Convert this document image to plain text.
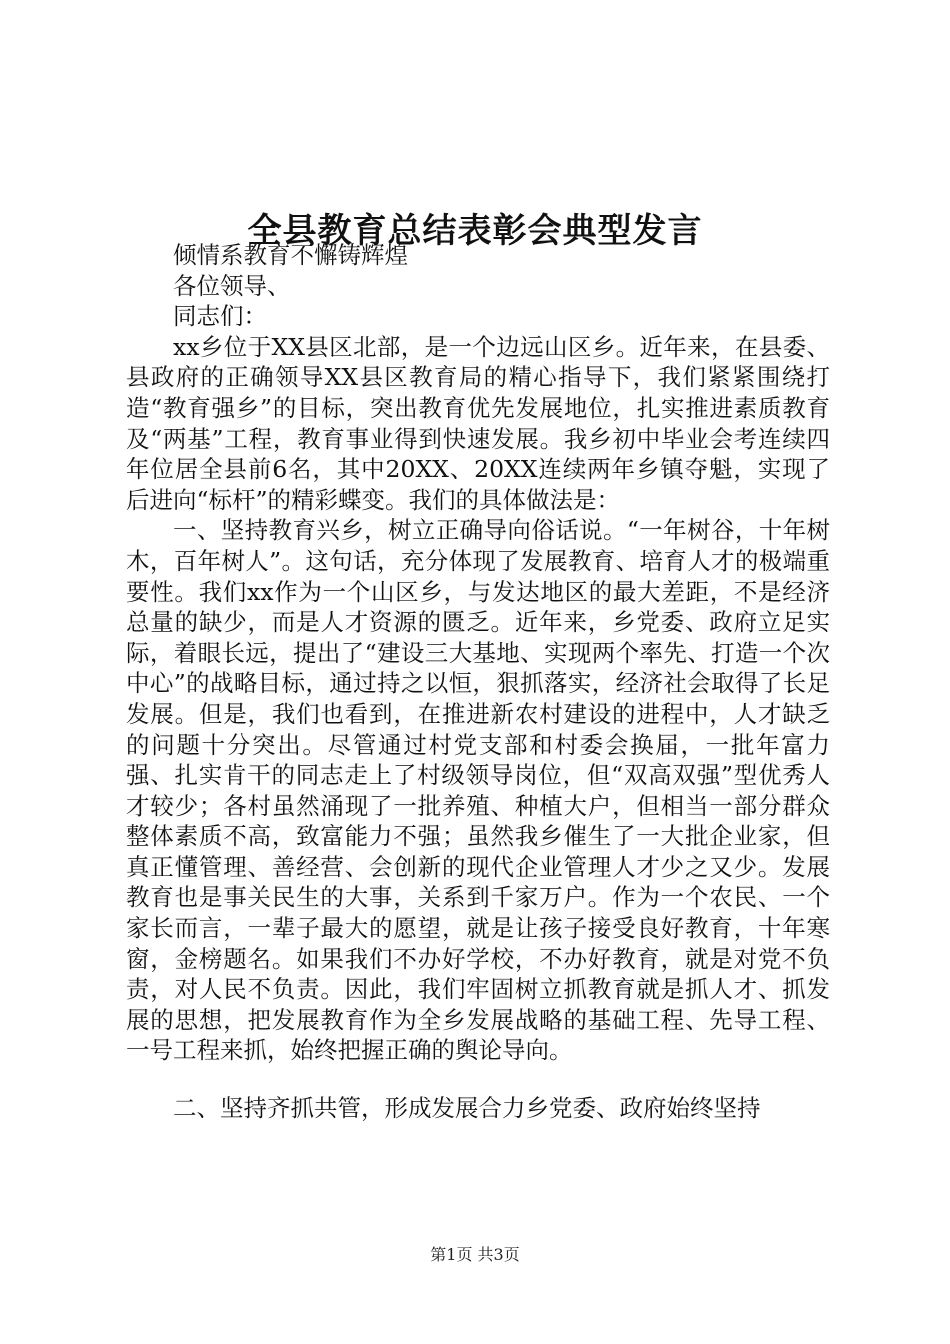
全县教育总结表彰会典型发言

倾情系教育不懈铸辉煌

各位领导、

同志们：

xx乡位于XX县区北部，是一个边远山区乡。近年来，在县委、县政府的正确领导XX县区教育局的精心指导下，我们紧紧围绕打造“教育强乡”的目标，突出教育优先发展地位，扎实推进素质教育及“两基”工程，教育事业得到快速发展。我乡初中毕业会考连续四年位居全县前6名，其中20XX、20XX连续两年乡镇夺魁，实现了后进向“标杆”的精彩蝶变。我们的具体做法是：

一、坚持教育兴乡，树立正确导向俗话说。“一年树谷，十年树木，百年树人”。这句话，充分体现了发展教育、培育人才的极端重要性。我们xx作为一个山区乡，与发达地区的最大差距，不是经济总量的缺少，而是人才资源的匮乏。近年来，乡党委、政府立足实际，着眼长远，提出了“建设三大基地、实现两个率先、打造一个次中心”的战略目标，通过持之以恒，狠抓落实，经济社会取得了长足发展。但是，我们也看到，在推进新农村建设的进程中，人才缺乏的问题十分突出。尽管通过村党支部和村委会换届，一批年富力强、扎实肯干的同志走上了村级领导岗位，但“双高双强”型优秀人才较少；各村虽然涌现了一批养殖、种植大户，但相当一部分群众整体素质不高，致富能力不强；虽然我乡催生了一大批企业家，但真正懂管理、善经营、会创新的现代企业管理人才少之又少。发展教育也是事关民生的大事，关系到千家万户。作为一个农民、一个家长而言，一辈子最大的愿望，就是让孩子接受良好教育，十年寒窗，金榜题名。如果我们不办好学校，不办好教育，就是对党不负责，对人民不负责。因此，我们牢固树立抓教育就是抓人才、抓发展的思想，把发展教育作为全乡发展战略的基础工程、先导工程、一号工程来抓，始终把握正确的舆论导向。

二、坚持齐抓共管，形成发展合力乡党委、政府始终坚持

第1页 共3页
